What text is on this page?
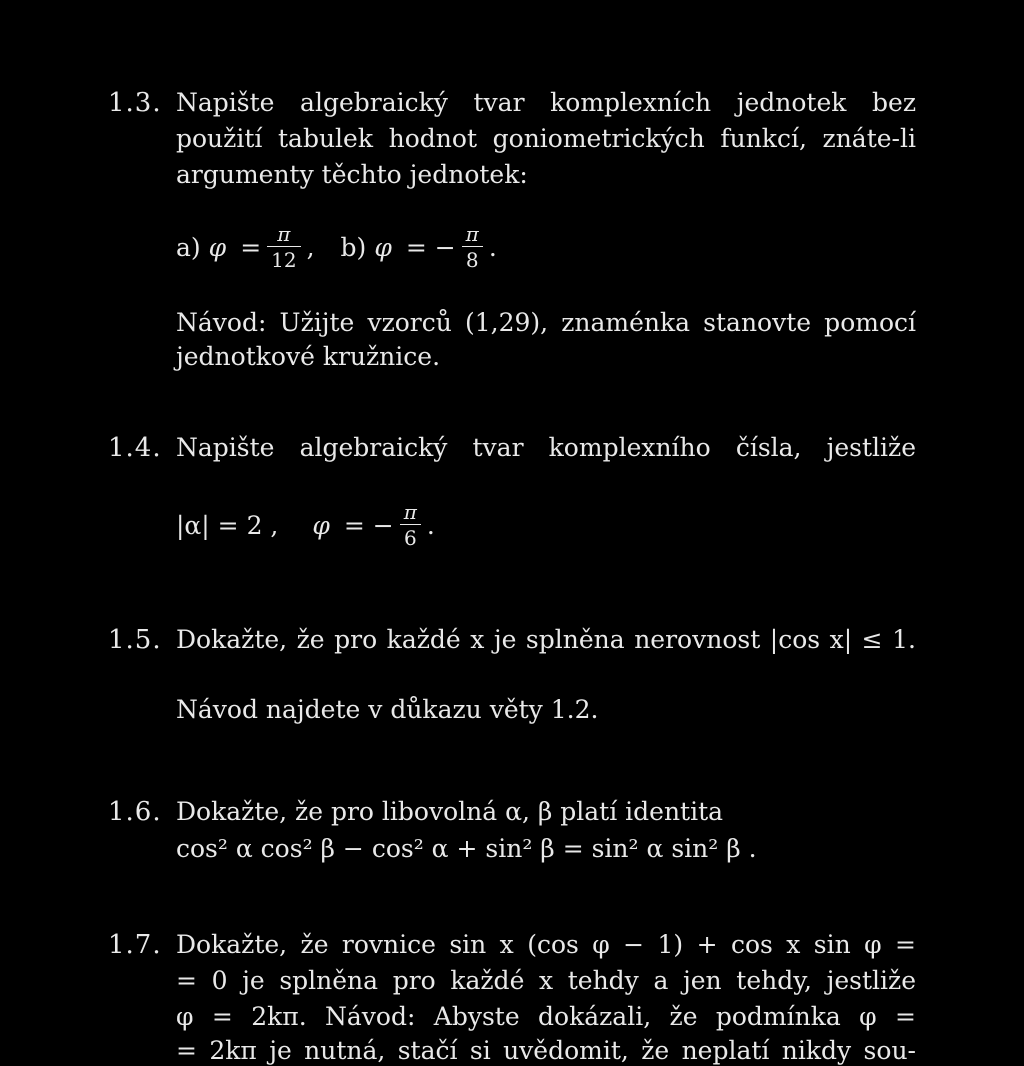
1.3. Napište algebraický tvar komplexních jednotek bez
použití tabulek hodnot goniometrických funkcí, znáte-li
argumenty těchto jednotek:
a) $\varphi = \frac{\pi}{12}$ , b) φ = − $\frac{\pi}{8}$ .
Návod: Užijte vzorců (1,29), znaménka stanovte pomocí
jednotkové kružnice.
1.4. Napište algebraický tvar komplexního čísla, jestliže
|α| = 2 , φ = − $\frac{\pi}{6}$ .
1.5. Dokažte, že pro každé x je splněna nerovnost |cos x| ≤ 1.
Návod najdete v důkazu věty 1.2.
1.6. Dokažte, že pro libovolná α, β platí identita
cos² α cos² β − cos² α + sin² β = sin² α sin² β .
1.7. Dokažte, že rovnice sin x (cos φ − 1) + cos x sin φ =
= 0 je splněna pro každé x tehdy a jen tehdy, jestliže
φ = 2kπ. Návod: Abyste dokázali, že podmínka φ =
= 2kπ je nutná, stačí si uvědomit, že neplatí nikdy sou-
